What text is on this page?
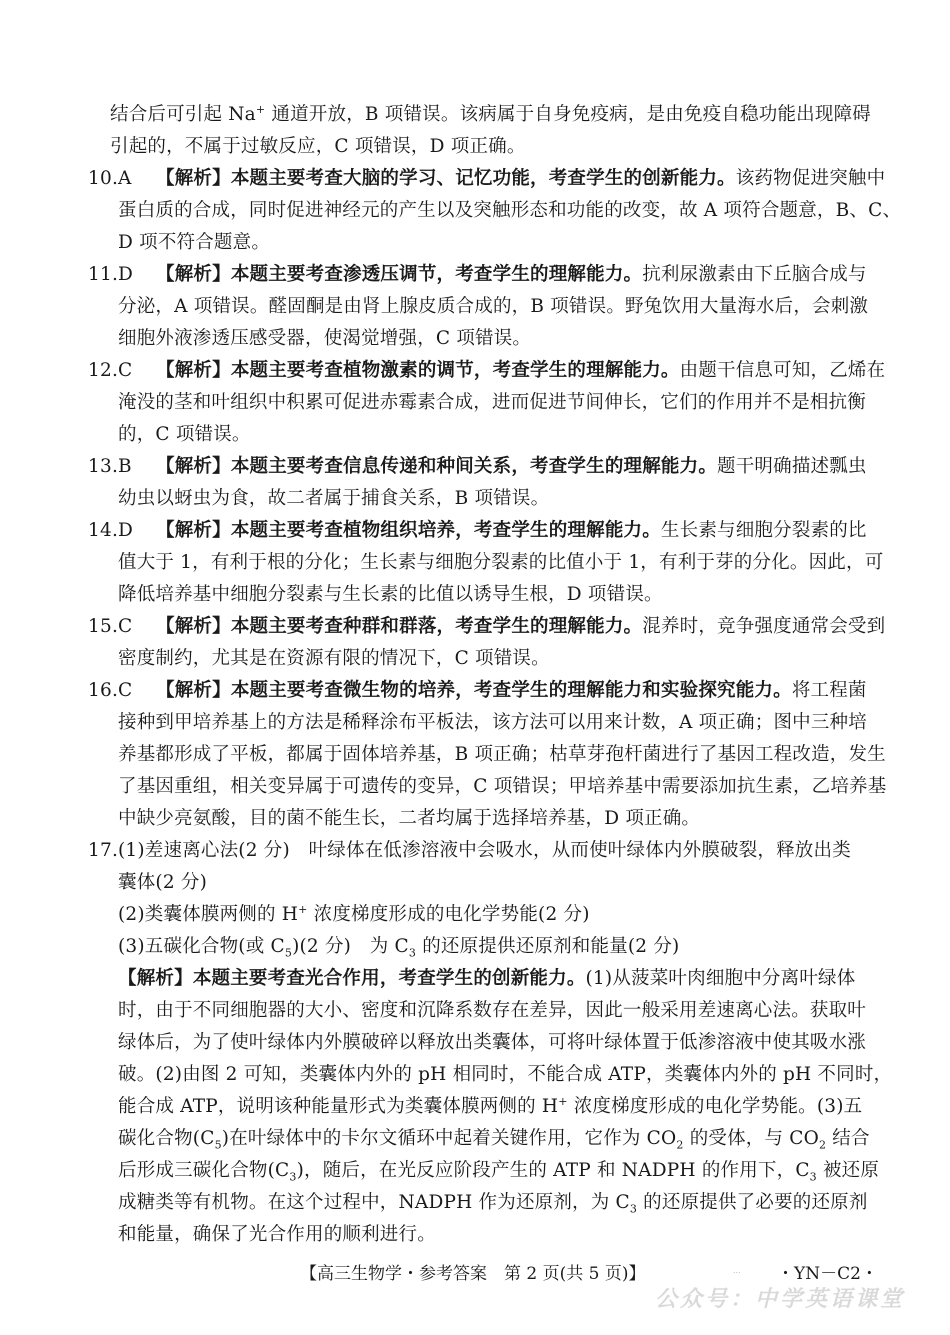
结合后可引起 Na+ 通道开放，B 项错误。该病属于自身免疫病，是由免疫自稳功能出现障碍
引起的，不属于过敏反应，C 项错误，D 项正确。
10.A 【解析】本题主要考查大脑的学习、记忆功能，考查学生的创新能力。该药物促进突触中
蛋白质的合成，同时促进神经元的产生以及突触形态和功能的改变，故 A 项符合题意，B、C、
D 项不符合题意。
11.D 【解析】本题主要考查渗透压调节，考查学生的理解能力。抗利尿激素由下丘脑合成与
分泌，A 项错误。醛固酮是由肾上腺皮质合成的，B 项错误。野兔饮用大量海水后，会刺激
细胞外液渗透压感受器，使渴觉增强，C 项错误。
12.C 【解析】本题主要考查植物激素的调节，考查学生的理解能力。由题干信息可知，乙烯在
淹没的茎和叶组织中积累可促进赤霉素合成，进而促进节间伸长，它们的作用并不是相抗衡
的，C 项错误。
13.B 【解析】本题主要考查信息传递和种间关系，考查学生的理解能力。题干明确描述瓢虫
幼虫以蚜虫为食，故二者属于捕食关系，B 项错误。
14.D 【解析】本题主要考查植物组织培养，考查学生的理解能力。生长素与细胞分裂素的比
值大于 1，有利于根的分化；生长素与细胞分裂素的比值小于 1，有利于芽的分化。因此，可
降低培养基中细胞分裂素与生长素的比值以诱导生根，D 项错误。
15.C 【解析】本题主要考查种群和群落，考查学生的理解能力。混养时，竞争强度通常会受到
密度制约，尤其是在资源有限的情况下，C 项错误。
16.C 【解析】本题主要考查微生物的培养，考查学生的理解能力和实验探究能力。将工程菌
接种到甲培养基上的方法是稀释涂布平板法，该方法可以用来计数，A 项正确；图中三种培
养基都形成了平板，都属于固体培养基，B 项正确；枯草芽孢杆菌进行了基因工程改造，发生
了基因重组，相关变异属于可遗传的变异，C 项错误；甲培养基中需要添加抗生素，乙培养基
中缺少亮氨酸，目的菌不能生长，二者均属于选择培养基，D 项正确。
17.(1)差速离心法(2 分)　叶绿体在低渗溶液中会吸水，从而使叶绿体内外膜破裂，释放出类
囊体(2 分)
(2)类囊体膜两侧的 H+ 浓度梯度形成的电化学势能(2 分)
(3)五碳化合物(或 $C_5)(2$ 分)　为 $C_3$ 的还原提供还原剂和能量(2 分)
【解析】本题主要考查光合作用，考查学生的创新能力。(1)从菠菜叶肉细胞中分离叶绿体
时，由于不同细胞器的大小、密度和沉降系数存在差异，因此一般采用差速离心法。获取叶
绿体后，为了使叶绿体内外膜破碎以释放出类囊体，可将叶绿体置于低渗溶液中使其吸水涨
破。(2)由图 2 可知，类囊体内外的 pH 相同时，不能合成 ATP，类囊体内外的 pH 不同时，
能合成 ATP，说明该种能量形式为类囊体膜两侧的 H+ 浓度梯度形成的电化学势能。(3)五
碳化合物$(C_5)$在叶绿体中的卡尔文循环中起着关键作用，它作为 $CO_2$ 的受体，与 $CO_2$ 结合
后形成三碳化合物$(C_3)$，随后，在光反应阶段产生的 ATP 和 NADPH 的作用下，$C_3$ 被还原
成糖类等有机物。在这个过程中，NADPH 作为还原剂，为 $C_3$ 的还原提供了必要的还原剂
和能量，确保了光合作用的顺利进行。
【高三生物学・参考答案　第 2 页(共 5 页)】	... ・YN－C2・
公众号：中学英语课堂
